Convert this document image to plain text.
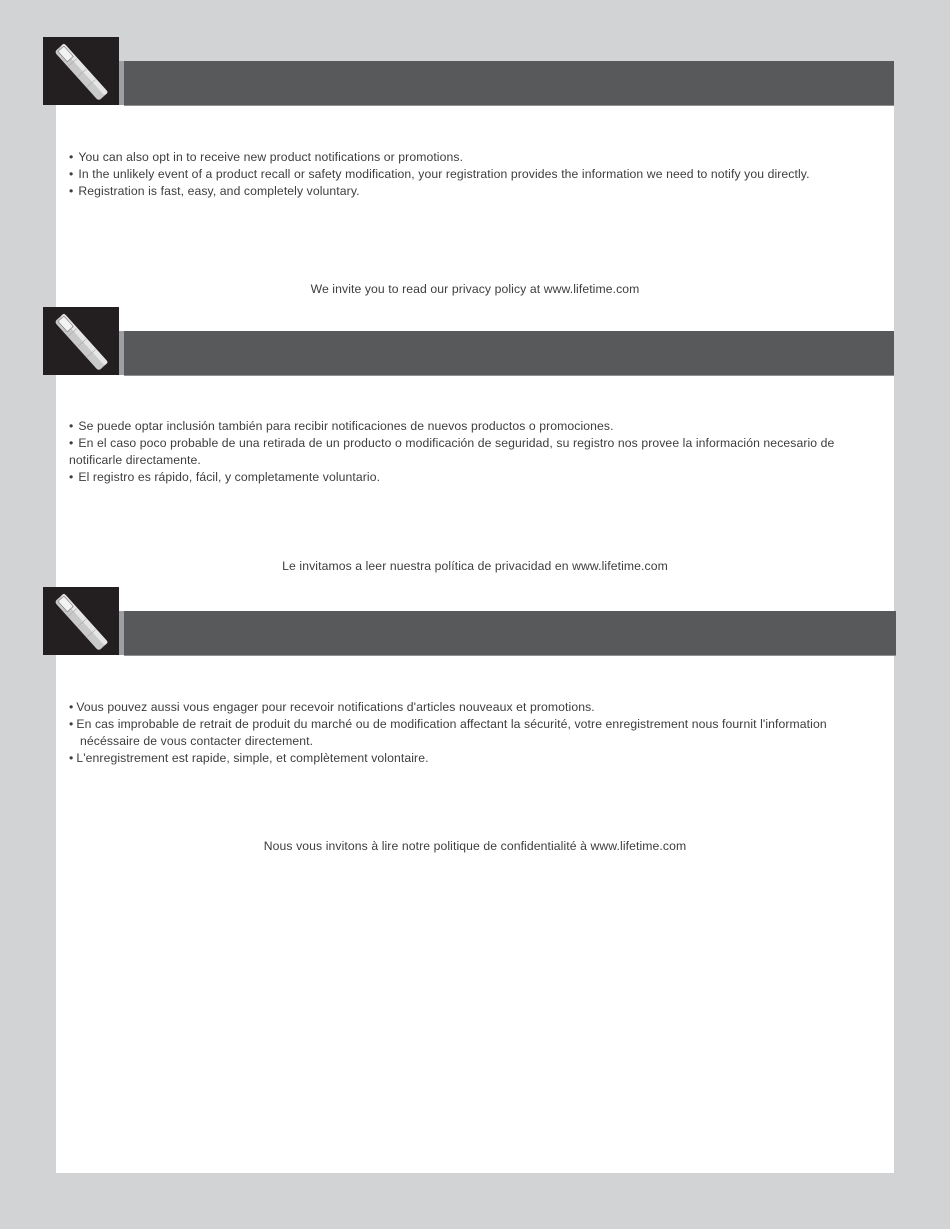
• You can also opt in to receive new product notifications or promotions.
• In the unlikely event of a product recall or safety modification, your registration provides the information we need to notify you directly.
• Registration is fast, easy, and completely voluntary.
We invite you to read our privacy policy at www.lifetime.com
• Se puede optar inclusión también para recibir notificaciones de nuevos productos o promociones.
• En el caso poco probable de una retirada de un producto o modificación de seguridad, su registro nos provee la información necesario de notificarle directamente.
• El registro es rápido, fácil, y completamente voluntario.
Le invitamos a leer nuestra política de privacidad en www.lifetime.com
• Vous pouvez aussi vous engager pour recevoir notifications d'articles nouveaux et promotions.
• En cas improbable de retrait de produit du marché ou de modification affectant la sécurité, votre enregistrement nous fournit l'information nécéssaire de vous contacter directement.
• L'enregistrement est rapide, simple, et complètement volontaire.
Nous vous invitons à lire notre politique de confidentialité à www.lifetime.com
